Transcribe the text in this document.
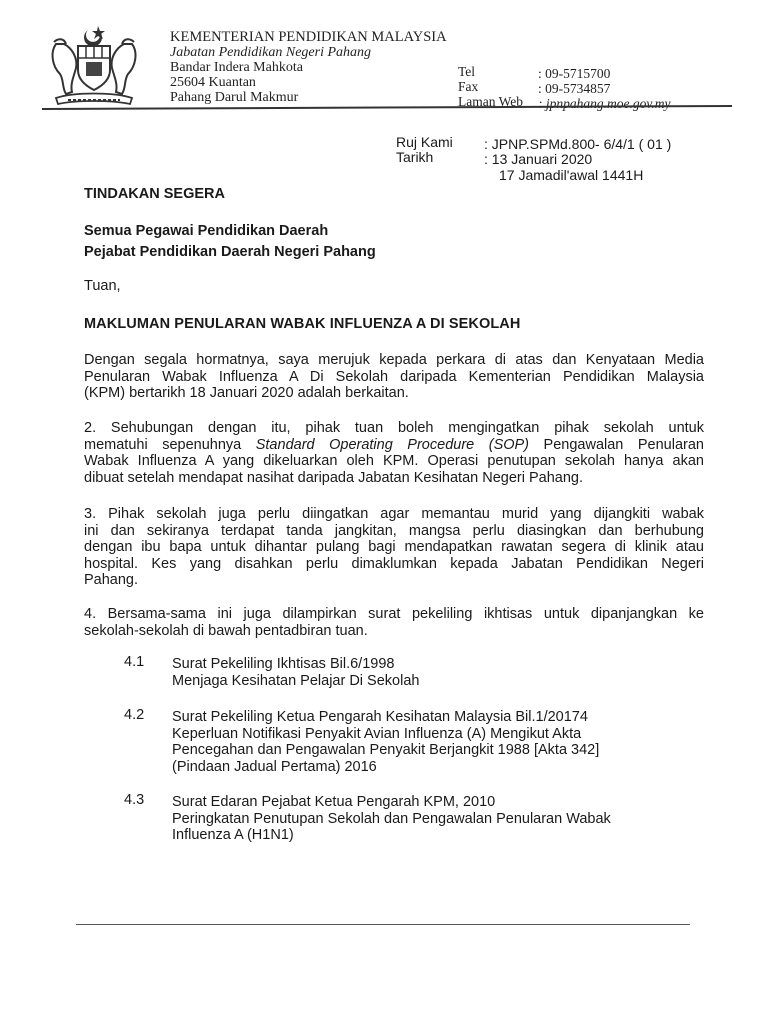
KEMENTERIAN PENDIDIKAN MALAYSIA
Jabatan Pendidikan Negeri Pahang
Bandar Indera Mahkota
25604 Kuantan
Pahang Darul Makmur
Tel	: 09-5715700
Fax	: 09-5734857
Laman Web : jpnpahang.moe.gov.my
Ruj Kami : JPNP.SPMd.800- 6/4/1 ( 01 )
Tarikh	: 13 Januari 2020
17 Jamadil'awal 1441H
TINDAKAN SEGERA
Semua Pegawai Pendidikan Daerah
Pejabat Pendidikan Daerah Negeri Pahang
Tuan,
MAKLUMAN PENULARAN WABAK INFLUENZA A DI SEKOLAH
Dengan segala hormatnya, saya merujuk kepada perkara di atas dan Kenyataan Media
Penularan Wabak Influenza A Di Sekolah daripada Kementerian Pendidikan Malaysia
(KPM) bertarikh 18 Januari 2020 adalah berkaitan.
2. Sehubungan dengan itu, pihak tuan boleh mengingatkan pihak sekolah untuk
mematuhi sepenuhnya Standard Operating Procedure (SOP) Pengawalan Penularan
Wabak Influenza A yang dikeluarkan oleh KPM. Operasi penutupan sekolah hanya akan
dibuat setelah mendapat nasihat daripada Jabatan Kesihatan Negeri Pahang.
3. Pihak sekolah juga perlu diingatkan agar memantau murid yang dijangkiti wabak
ini dan sekiranya terdapat tanda jangkitan, mangsa perlu diasingkan dan berhubung
dengan ibu bapa untuk dihantar pulang bagi mendapatkan rawatan segera di klinik atau
hospital. Kes yang disahkan perlu dimaklumkan kepada Jabatan Pendidikan Negeri
Pahang.
4. Bersama-sama ini juga dilampirkan surat pekeliling ikhtisas untuk dipanjangkan ke
sekolah-sekolah di bawah pentadbiran tuan.
4.1 Surat Pekeliling Ikhtisas Bil.6/1998
Menjaga Kesihatan Pelajar Di Sekolah
4.2 Surat Pekeliling Ketua Pengarah Kesihatan Malaysia Bil.1/20174
Keperluan Notifikasi Penyakit Avian Influenza (A) Mengikut Akta
Pencegahan dan Pengawalan Penyakit Berjangkit 1988 [Akta 342]
(Pindaan Jadual Pertama) 2016
4.3 Surat Edaran Pejabat Ketua Pengarah KPM, 2010
Peringkatan Penutupan Sekolah dan Pengawalan Penularan Wabak
Influenza A (H1N1)
